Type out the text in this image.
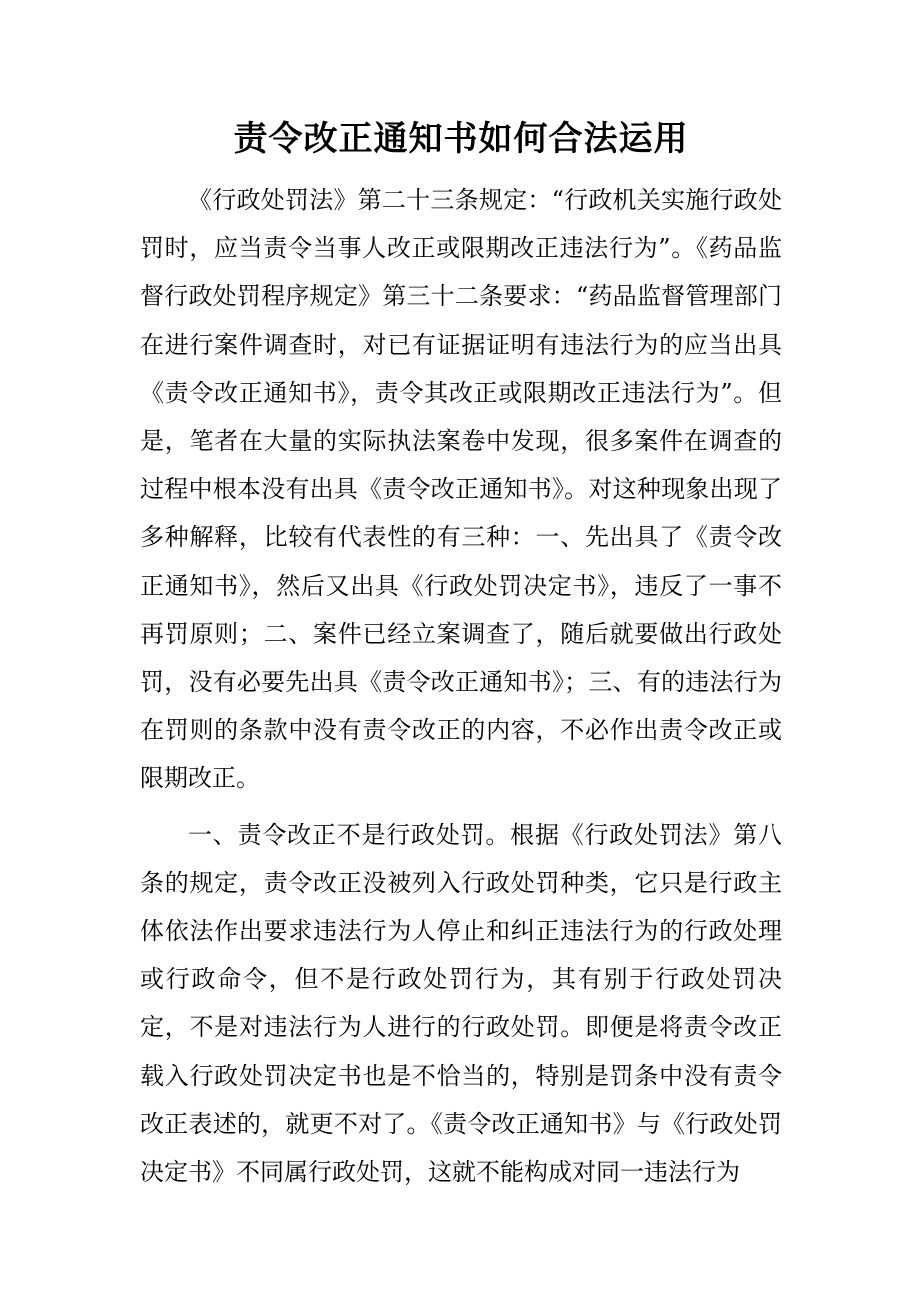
责令改正通知书如何合法运用

《行政处罚法》第二十三条规定：“行政机关实施行政处罚时，应当责令当事人改正或限期改正违法行为”。《药品监督行政处罚程序规定》第三十二条要求：“药品监督管理部门在进行案件调查时，对已有证据证明有违法行为的应当出具《责令改正通知书》，责令其改正或限期改正违法行为”。但是，笔者在大量的实际执法案卷中发现，很多案件在调查的过程中根本没有出具《责令改正通知书》。对这种现象出现了多种解释，比较有代表性的有三种：一、先出具了《责令改正通知书》，然后又出具《行政处罚决定书》，违反了一事不再罚原则；二、案件已经立案调查了，随后就要做出行政处罚，没有必要先出具《责令改正通知书》；三、有的违法行为在罚则的条款中没有责令改正的内容，不必作出责令改正或限期改正。

一、责令改正不是行政处罚。根据《行政处罚法》第八条的规定，责令改正没被列入行政处罚种类，它只是行政主体依法作出要求违法行为人停止和纠正违法行为的行政处理或行政命令，但不是行政处罚行为，其有别于行政处罚决定，不是对违法行为人进行的行政处罚。即便是将责令改正载入行政处罚决定书也是不恰当的，特别是罚条中没有责令改正表述的，就更不对了。《责令改正通知书》与《行政处罚决定书》不同属行政处罚，这就不能构成对同一违法行为
